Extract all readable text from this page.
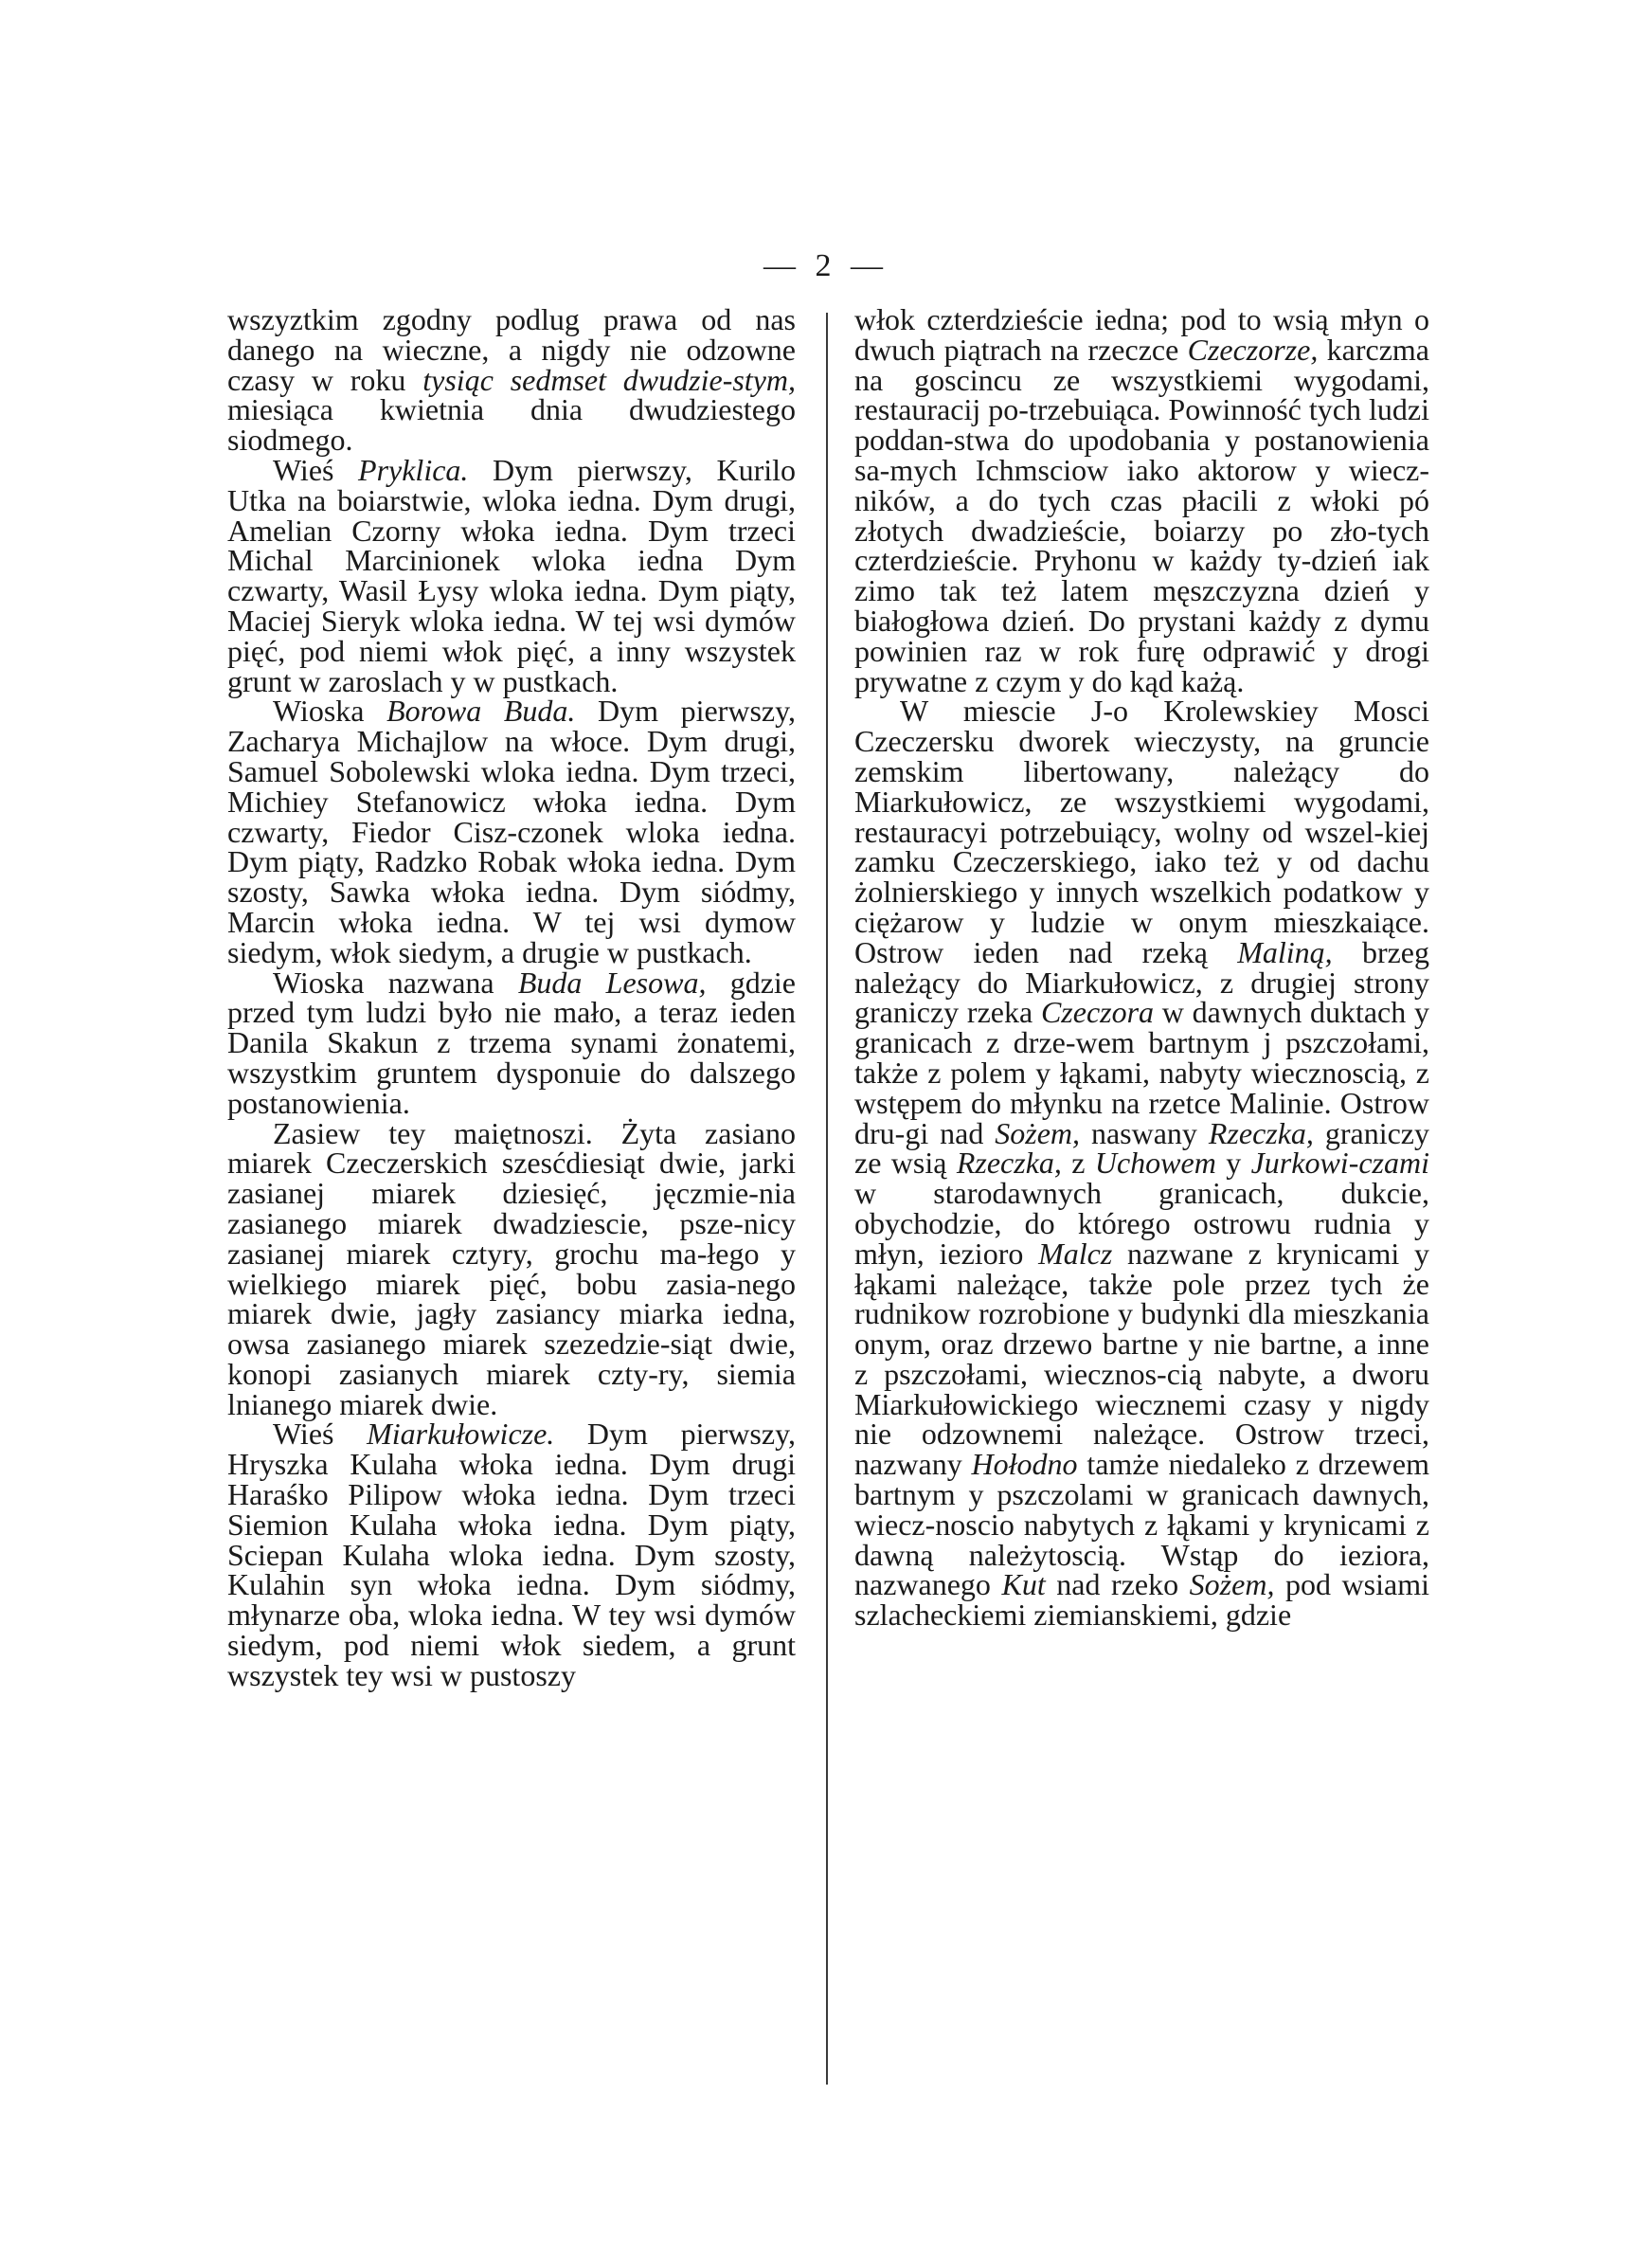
— 2 —

wszyztkim zgodny podlug prawa od nas danego na wieczne, a nigdy nie odzowne czasy w roku tysiąc sedmset dwudzie-stym, miesiąca kwietnia dnia dwudziestego siodmego.

Wieś Pryklica. Dym pierwszy, Kurilo Utka na boiarstwie, wloka iedna. Dym drugi, Amelian Czorny włoka iedna. Dym trzeci Michal Marcinionek wloka iedna Dym czwarty, Wasil Łysy wloka iedna. Dym piąty, Maciej Sieryk wloka iedna. W tej wsi dymów pięć, pod niemi włok pięć, a inny wszystek grunt w zaroslach y w pustkach.

Wioska Borowa Buda. Dym pierwszy, Zacharya Michajlow na włoce. Dym drugi, Samuel Sobolewski wloka iedna. Dym trzeci, Michiey Stefanowicz włoka iedna. Dym czwarty, Fiedor Cisz-czonek wloka iedna. Dym piąty, Radzko Robak włoka iedna. Dym szosty, Sawka włoka iedna. Dym siódmy, Marcin włoka iedna. W tej wsi dymow siedym, włok siedym, a drugie w pustkach.

Wioska nazwana Buda Lesowa, gdzie przed tym ludzi było nie mało, a teraz ieden Danila Skakun z trzema synami żonatemi, wszystkim gruntem dysponuie do dalszego postanowienia.

Zasiew tey maiętnoszi. Żyta zasiano miarek Czeczerskich szesćdiesiąt dwie, jarki zasianej miarek dziesięć, jęczmie-nia zasianego miarek dwadziescie, psze-nicy zasianej miarek cztyry, grochu ma-łego y wielkiego miarek pięć, bobu zasia-nego miarek dwie, jagły zasiancy miarka iedna, owsa zasianego miarek szezedzie-siąt dwie, konopi zasianych miarek czty-ry, siemia lnianego miarek dwie.

Wieś Miarkułowicze. Dym pierwszy, Hryszka Kulaha włoka iedna. Dym drugi Haraśko Pilipow włoka iedna. Dym trzeci Siemion Kulaha włoka iedna. Dym piąty, Sciepan Kulaha wloka iedna. Dym szosty, Kulahin syn włoka iedna. Dym siódmy, młynarze oba, wloka iedna. W tey wsi dymów siedym, pod niemi włok siedem, a grunt wszystek tey wsi w pustoszy

włok czterdzieście iedna; pod to wsią młyn o dwuch piątrach na rzeczce Czeczorze, karczma na goscincu ze wszystkiemi wygodami, restauracij po-trzebuiąca. Powinność tych ludzi poddan-stwa do upodobania y postanowienia sa-mych Ichmsciow iako aktorow y wiecz-ników, a do tych czas płacili z włoki pó złotych dwadzieście, boiarzy po zło-tych czterdzieście. Pryhonu w każdy ty-dzień iak zimo tak też latem męszczyzna dzień y białogłowa dzień. Do prystani każdy z dymu powinien raz w rok furę odprawić y drogi prywatne z czym y do kąd każą.

W miescie J-o Krolewskiey Mosci Czeczersku dworek wieczysty, na gruncie zemskim libertowany, należący do Miarkułowicz, ze wszystkiemi wygodami, restauracyi potrzebuiący, wolny od wszel-kiej zamku Czeczerskiego, iako też y od dachu żolnierskiego y innych wszelkich podatkow y ciężarow y ludzie w onym mieszkaiące. Ostrow ieden nad rzeką Maliną, brzeg należący do Miarkułowicz, z drugiej strony graniczy rzeka Czeczora w dawnych duktach y granicach z drze-wem bartnym j pszczołami, także z polem y łąkami, nabyty wiecznoscią, z wstępem do młynku na rzetce Malinie. Ostrow dru-gi nad Sożem, naswany Rzeczka, graniczy ze wsią Rzeczka, z Uchowem y Jurkowi-czami w starodawnych granicach, dukcie, obychodzie, do którego ostrowu rudnia y młyn, iezioro Malcz nazwane z krynicami y łąkami należące, także pole przez tych że rudnikow rozrobione y budynki dla mieszkania onym, oraz drzewo bartne y nie bartne, a inne z pszczołami, wiecznos-cią nabyte, a dworu Miarkułowickiego wiecznemi czasy y nigdy nie odzownemi należące. Ostrow trzeci, nazwany Hołodno tamże niedaleko z drzewem bartnym y pszczolami w granicach dawnych, wiecz-noscio nabytych z łąkami y krynicami z dawną należytoscią. Wstąp do ieziora, nazwanego Kut nad rzeko Sożem, pod wsiami szlacheckiemi ziemianskiemi, gdzie
